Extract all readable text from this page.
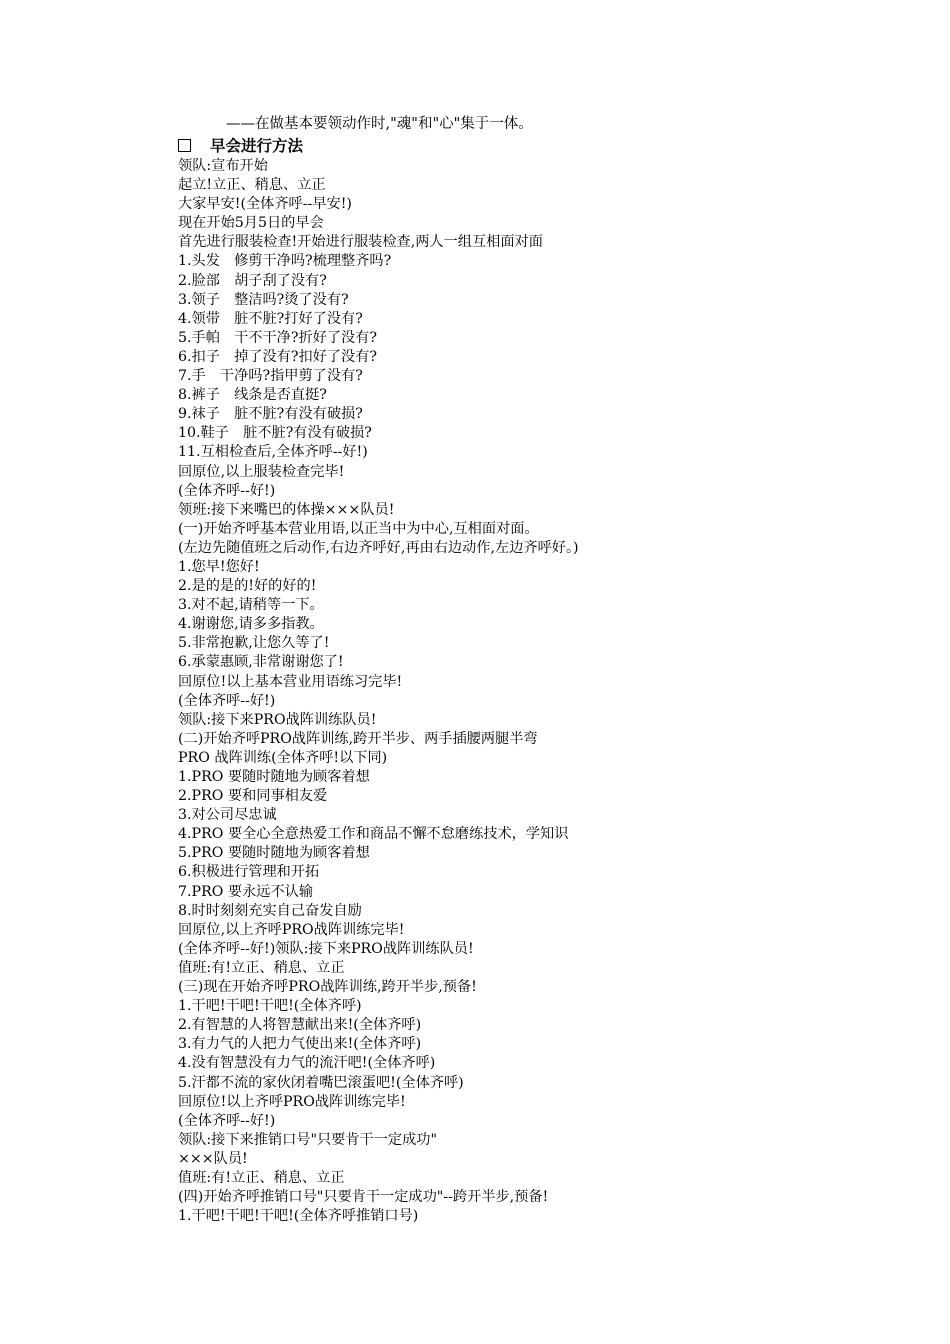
——在做基本要领动作时,"魂"和"心"集于一体。
早会进行方法
领队:宣布开始
起立!立正、稍息、立正
大家早安!(全体齐呼--早安!)
现在开始5月5日的早会
首先进行服装检查!开始进行服装检查,两人一组互相面对面
1.头发　修剪干净吗?梳理整齐吗?
2.脸部　胡子刮了没有?
3.领子　整洁吗?烫了没有?
4.领带　脏不脏?打好了没有?
5.手帕　干不干净?折好了没有?
6.扣子　掉了没有?扣好了没有?
7.手　干净吗?指甲剪了没有?
8.裤子　线条是否直挺?
9.袜子　脏不脏?有没有破损?
10.鞋子　脏不脏?有没有破损?
11.互相检查后,全体齐呼--好!)
回原位,以上服装检查完毕!
(全体齐呼--好!)
领班:接下来嘴巴的体操×××队员!
(一)开始齐呼基本营业用语,以正当中为中心,互相面对面。
(左边先随值班之后动作,右边齐呼好,再由右边动作,左边齐呼好。)
1.您早!您好!
2.是的是的!好的好的!
3.对不起,请稍等一下。
4.谢谢您,请多多指教。
5.非常抱歉,让您久等了!
6.承蒙惠顾,非常谢谢您了!
回原位!以上基本营业用语练习完毕!
(全体齐呼--好!)
领队:接下来PRO战阵训练队员!
(二)开始齐呼PRO战阵训练,跨开半步、两手插腰两腿半弯
PRO 战阵训练(全体齐呼!以下同)
1.PRO 要随时随地为顾客着想
2.PRO 要和同事相友爱
3.对公司尽忠诚
4.PRO 要全心全意热爱工作和商品不懈不怠磨练技术，学知识
5.PRO 要随时随地为顾客着想
6.积极进行管理和开拓
7.PRO 要永远不认输
8.时时刻刻充实自己奋发自励
回原位,以上齐呼PRO战阵训练完毕!
(全体齐呼--好!)领队:接下来PRO战阵训练队员!
值班:有!立正、稍息、立正
(三)现在开始齐呼PRO战阵训练,跨开半步,预备!
1.干吧!干吧!干吧!(全体齐呼)
2.有智慧的人将智慧献出来!(全体齐呼)
3.有力气的人把力气使出来!(全体齐呼)
4.没有智慧没有力气的流汗吧!(全体齐呼)
5.汗都不流的家伙闭着嘴巴滚蛋吧!(全体齐呼)
回原位!以上齐呼PRO战阵训练完毕!
(全体齐呼--好!)
领队:接下来推销口号"只要肯干一定成功"
×××队员!
值班:有!立正、稍息、立正
(四)开始齐呼推销口号"只要肯干一定成功"--跨开半步,预备!
1.干吧!干吧!干吧!(全体齐呼推销口号)
